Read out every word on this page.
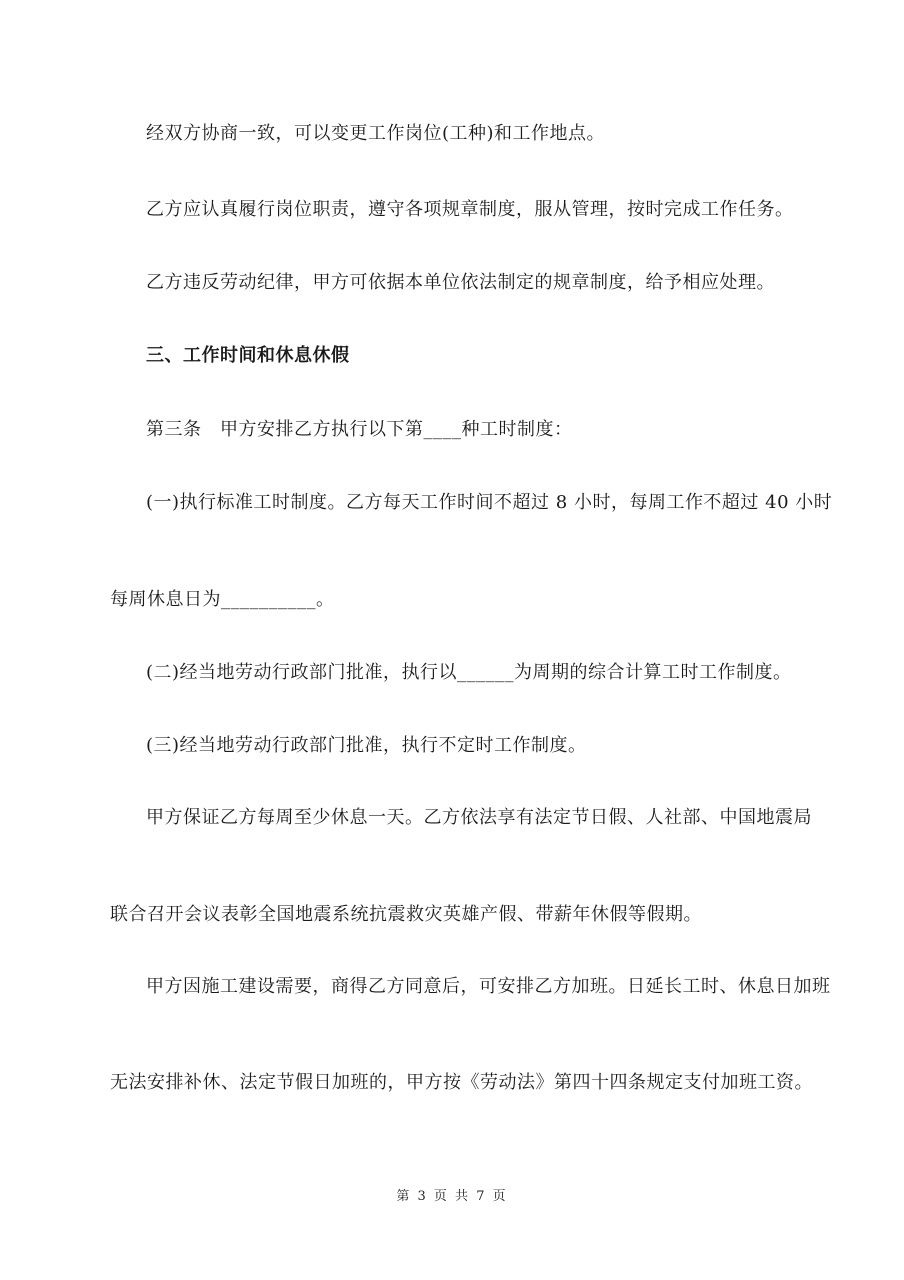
经双方协商一致，可以变更工作岗位(工种)和工作地点。
乙方应认真履行岗位职责，遵守各项规章制度，服从管理，按时完成工作任务。
乙方违反劳动纪律，甲方可依据本单位依法制定的规章制度，给予相应处理。
三、工作时间和休息休假
第三条　甲方安排乙方执行以下第____种工时制度：
(一)执行标准工时制度。乙方每天工作时间不超过 8 小时，每周工作不超过 40 小时
每周休息日为__________。
(二)经当地劳动行政部门批准，执行以______为周期的综合计算工时工作制度。
(三)经当地劳动行政部门批准，执行不定时工作制度。
甲方保证乙方每周至少休息一天。乙方依法享有法定节日假、人社部、中国地震局
联合召开会议表彰全国地震系统抗震救灾英雄产假、带薪年休假等假期。
甲方因施工建设需要，商得乙方同意后，可安排乙方加班。日延长工时、休息日加班
无法安排补休、法定节假日加班的，甲方按《劳动法》第四十四条规定支付加班工资。
第 3 页 共 7 页
